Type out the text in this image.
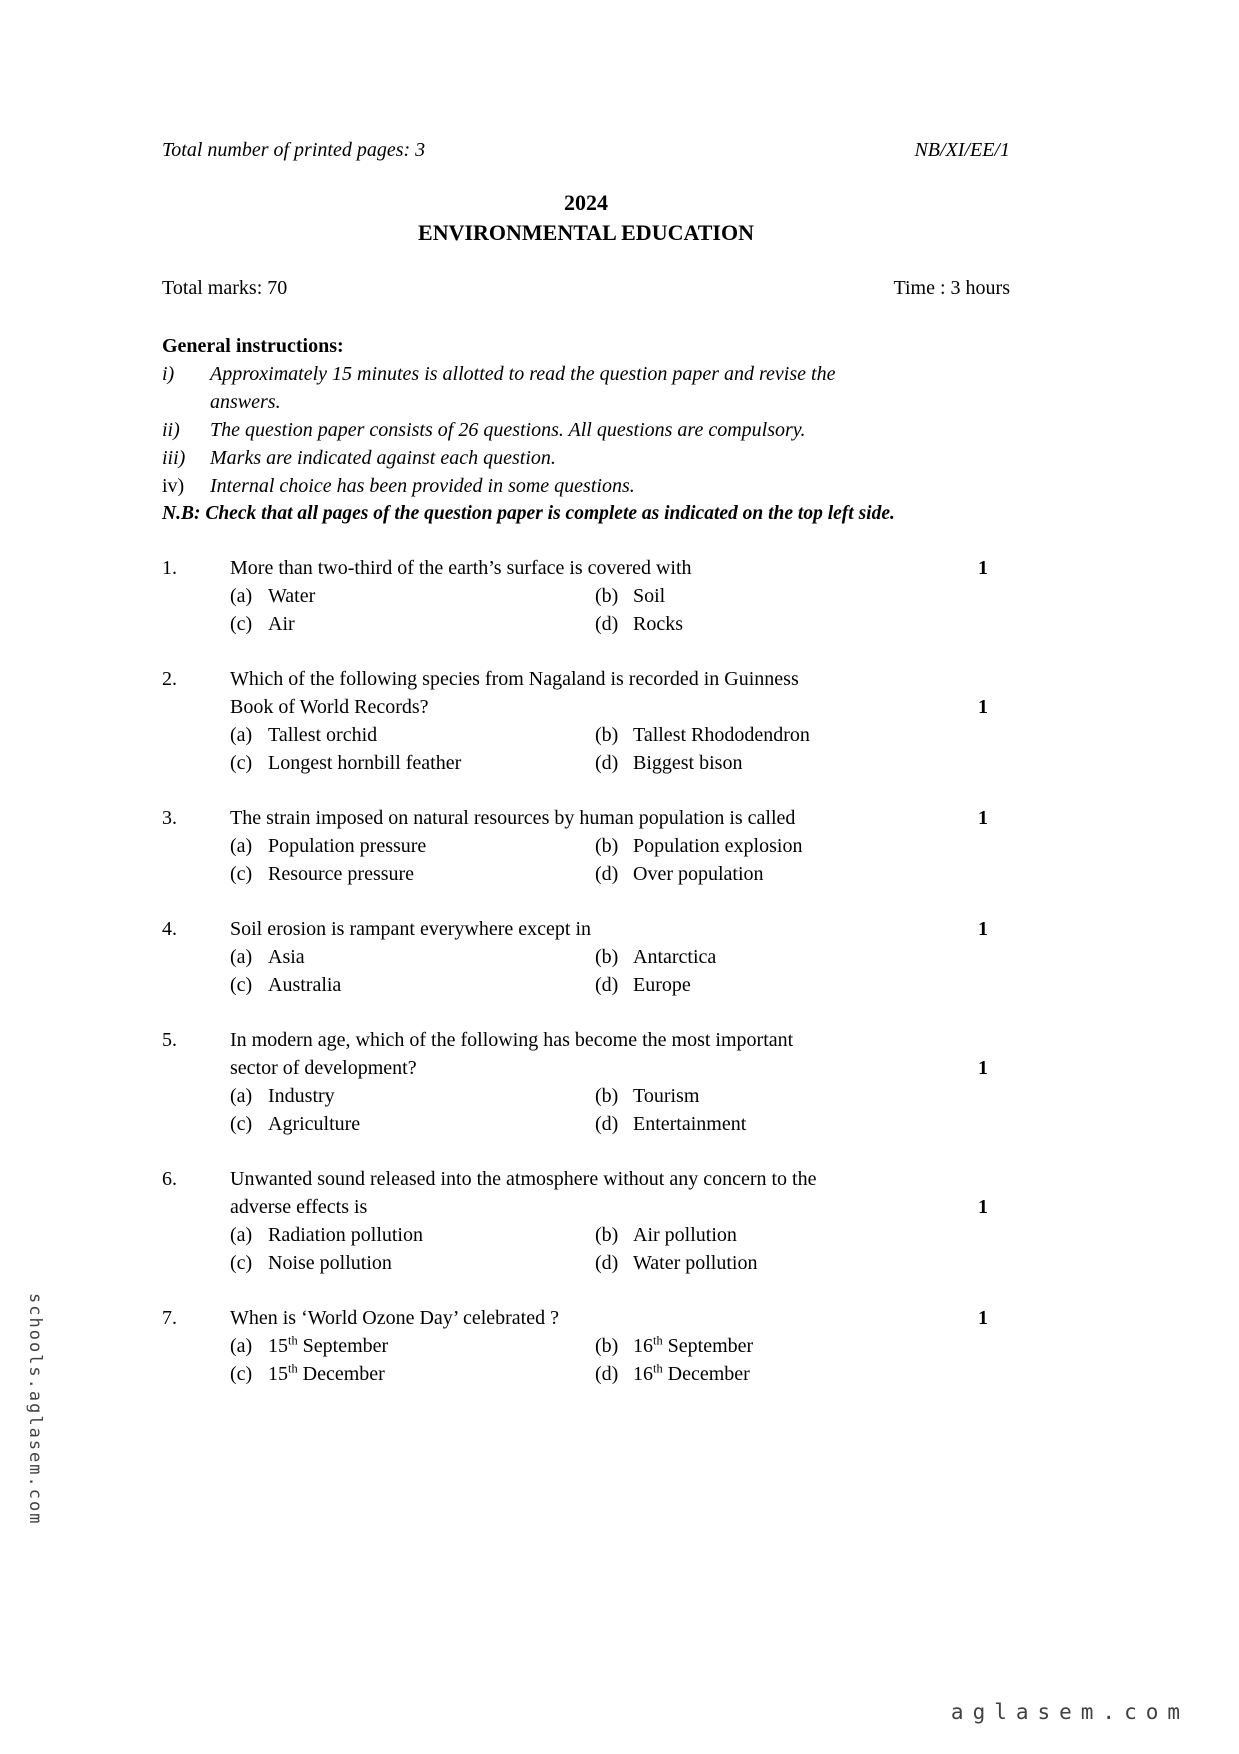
Total number of printed pages: 3	NB/XI/EE/1
2024
ENVIRONMENTAL EDUCATION
Total marks: 70	Time : 3 hours
General instructions:
i)	Approximately 15 minutes is allotted to read the question paper and revise the
answers.
ii)	The question paper consists of 26 questions. All questions are compulsory.
iii)	Marks are indicated against each question.
iv)	Internal choice has been provided in some questions.
N.B: Check that all pages of the question paper is complete as indicated on the top left side.
1.	1
More than two-third of the earth’s surface is covered with
(a) Water	(b) Soil
(c) Air	(d) Rocks
2.
1
Which of the following species from Nagaland is recorded in Guinness
Book of World Records?
(a) Tallest orchid	(b) Tallest Rhododendron
(c) Longest hornbill feather	(d) Biggest bison
3.	1
The strain imposed on natural resources by human population is called
(a) Population pressure	(b) Population explosion
(c) Resource pressure	(d) Over population
4.	1
Soil erosion is rampant everywhere except in
(a) Asia	(b) Antarctica
(c) Australia	(d) Europe
5.
1
In modern age, which of the following has become the most important
sector of development?
(a) Industry	(b) Tourism
(c) Agriculture	(d) Entertainment
6.
1
Unwanted sound released into the atmosphere without any concern to the
adverse effects is
(a) Radiation pollution	(b) Air pollution
(c) Noise pollution	(d) Water pollution
7.	1
When is ‘World Ozone Day’ celebrated ?
(a) 15th September	(b) 16th September
(c) 15th December	(d) 16th December
schools.aglasem.com
aglasem.com
